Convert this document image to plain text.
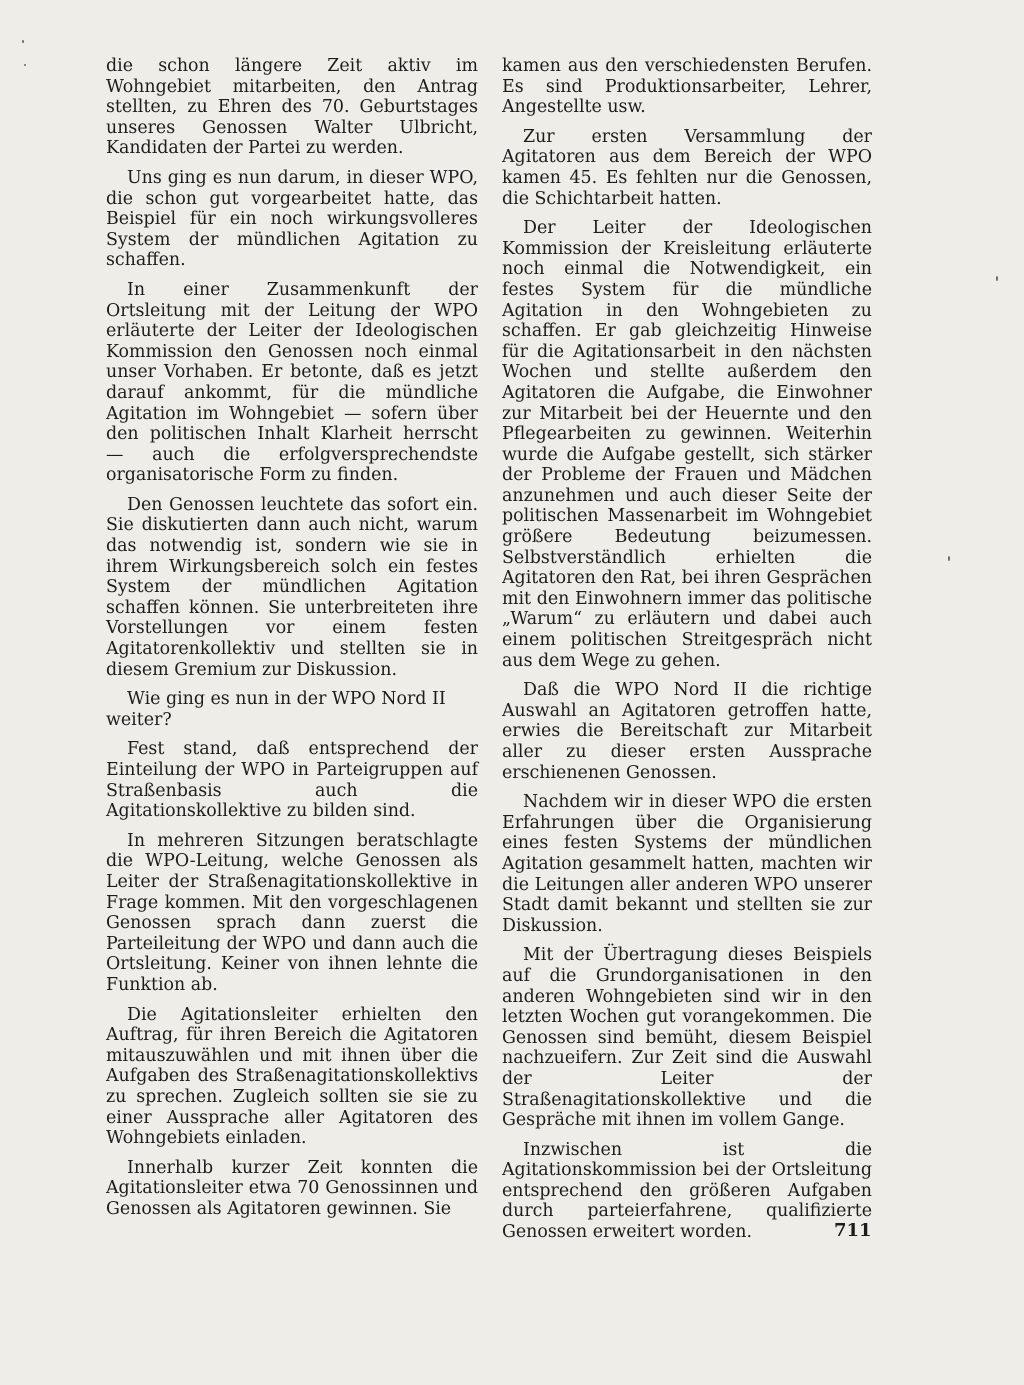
die schon längere Zeit aktiv im Wohngebiet mitarbeiten, den Antrag stellten, zu Ehren des 70. Geburtstages unseres Genossen Walter Ulbricht, Kandidaten der Partei zu werden.

Uns ging es nun darum, in dieser WPO, die schon gut vorgearbeitet hatte, das Beispiel für ein noch wirkungsvolleres System der mündlichen Agitation zu schaffen.

In einer Zusammenkunft der Ortsleitung mit der Leitung der WPO erläuterte der Leiter der Ideologischen Kommission den Genossen noch einmal unser Vorhaben. Er betonte, daß es jetzt darauf ankommt, für die mündliche Agitation im Wohngebiet — sofern über den politischen Inhalt Klarheit herrscht — auch die erfolgversprechendste organisatorische Form zu finden.

Den Genossen leuchtete das sofort ein. Sie diskutierten dann auch nicht, warum das notwendig ist, sondern wie sie in ihrem Wirkungsbereich solch ein festes System der mündlichen Agitation schaffen können. Sie unterbreiteten ihre Vorstellungen vor einem festen Agitatorenkollektiv und stellten sie in diesem Gremium zur Diskussion.

Wie ging es nun in der WPO Nord II weiter?

Fest stand, daß entsprechend der Einteilung der WPO in Parteigruppen auf Straßenbasis auch die Agitationskollektive zu bilden sind.

In mehreren Sitzungen beratschlagte die WPO-Leitung, welche Genossen als Leiter der Straßenagitationskollektive in Frage kommen. Mit den vorgeschlagenen Genossen sprach dann zuerst die Parteileitung der WPO und dann auch die Ortsleitung. Keiner von ihnen lehnte die Funktion ab.

Die Agitationsleiter erhielten den Auftrag, für ihren Bereich die Agitatoren mitauszuwählen und mit ihnen über die Aufgaben des Straßenagitationskollektivs zu sprechen. Zugleich sollten sie sie zu einer Aussprache aller Agitatoren des Wohngebiets einladen.

Innerhalb kurzer Zeit konnten die Agitationsleiter etwa 70 Genossinnen und Genossen als Agitatoren gewinnen. Sie

kamen aus den verschiedensten Berufen. Es sind Produktionsarbeiter, Lehrer, Angestellte usw.

Zur ersten Versammlung der Agitatoren aus dem Bereich der WPO kamen 45. Es fehlten nur die Genossen, die Schichtarbeit hatten.

Der Leiter der Ideologischen Kommission der Kreisleitung erläuterte noch einmal die Notwendigkeit, ein festes System für die mündliche Agitation in den Wohngebieten zu schaffen. Er gab gleichzeitig Hinweise für die Agitationsarbeit in den nächsten Wochen und stellte außerdem den Agitatoren die Aufgabe, die Einwohner zur Mitarbeit bei der Heuernte und den Pflegearbeiten zu gewinnen. Weiterhin wurde die Aufgabe gestellt, sich stärker der Probleme der Frauen und Mädchen anzunehmen und auch dieser Seite der politischen Massenarbeit im Wohngebiet größere Bedeutung beizumessen. Selbstverständlich erhielten die Agitatoren den Rat, bei ihren Gesprächen mit den Einwohnern immer das politische „Warum“ zu erläutern und dabei auch einem politischen Streitgespräch nicht aus dem Wege zu gehen.

Daß die WPO Nord II die richtige Auswahl an Agitatoren getroffen hatte, erwies die Bereitschaft zur Mitarbeit aller zu dieser ersten Aussprache erschienenen Genossen.

Nachdem wir in dieser WPO die ersten Erfahrungen über die Organisierung eines festen Systems der mündlichen Agitation gesammelt hatten, machten wir die Leitungen aller anderen WPO unserer Stadt damit bekannt und stellten sie zur Diskussion.

Mit der Übertragung dieses Beispiels auf die Grundorganisationen in den anderen Wohngebieten sind wir in den letzten Wochen gut vorangekommen. Die Genossen sind bemüht, diesem Beispiel nachzueifern. Zur Zeit sind die Auswahl der Leiter der Straßenagitationskollektive und die Gespräche mit ihnen im vollem Gange.

Inzwischen ist die Agitationskommission bei der Ortsleitung entsprechend den größeren Aufgaben durch parteierfahrene, qualifizierte Genossen erweitert worden.	711
